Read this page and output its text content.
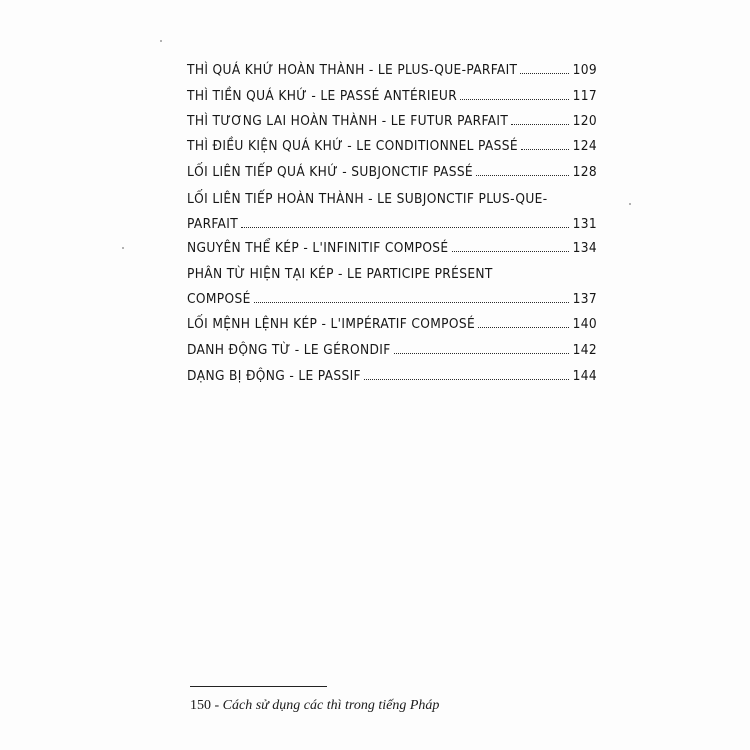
THÌ QUÁ KHỨ HOÀN THÀNH - LE PLUS-QUE-PARFAIT	109
THÌ TIỀN QUÁ KHỨ - LE PASSÉ ANTÉRIEUR	117
THÌ TƯƠNG LAI HOÀN THÀNH - LE FUTUR PARFAIT	120
THÌ ĐIỀU KIỆN QUÁ KHỨ - LE CONDITIONNEL PASSÉ	124
LỐI LIÊN TIẾP QUÁ KHỨ - SUBJONCTIF PASSÉ	128
LỐI LIÊN TIẾP HOÀN THÀNH - LE SUBJONCTIF PLUS-QUE-
PARFAIT	131
NGUYÊN THỂ KÉP - L'INFINITIF COMPOSÉ	134
PHÂN TỪ HIỆN TẠI KÉP - LE PARTICIPE PRÉSENT
COMPOSÉ	137
LỐI MỆNH LỆNH KÉP - L'IMPÉRATIF COMPOSÉ	140
DANH ĐỘNG TỪ - LE GÉRONDIF	142
DẠNG BỊ ĐỘNG - LE PASSIF	144
150 - Cách sử dụng các thì trong tiếng Pháp
